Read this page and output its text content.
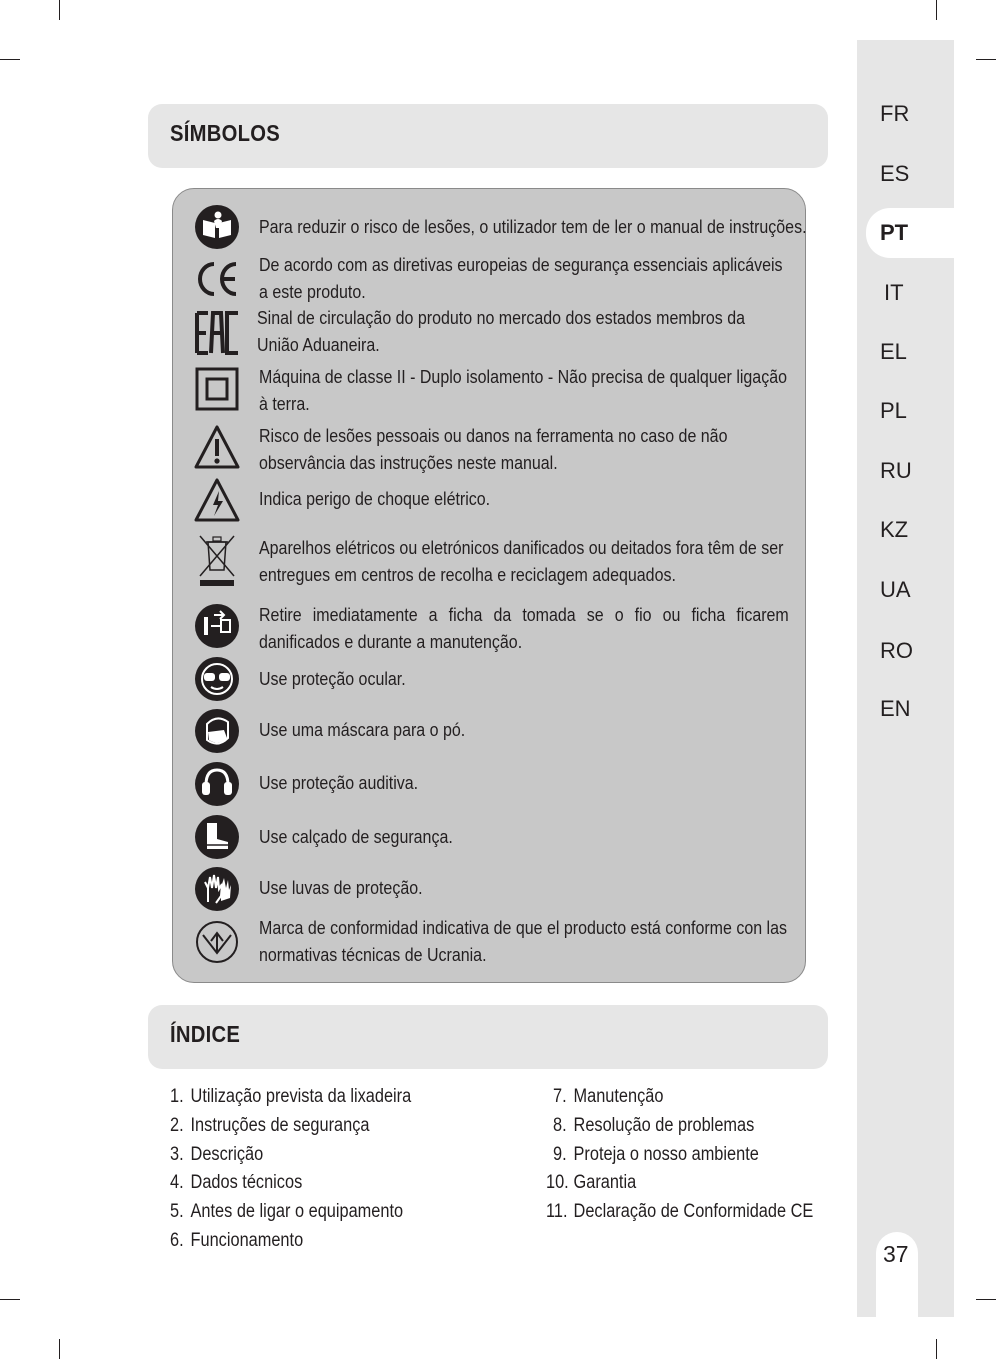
FR
ES
PT
IT
EL
PL
RU
KZ
UA
RO
EN
37
SÍMBOLOS
Para reduzir o risco de lesões, o utilizador tem de ler o manual de instruções.
De acordo com as diretivas europeias de segurança essenciais aplicáveis a este produto.
Sinal de circulação do produto no mercado dos estados membros da União Aduaneira.
Máquina de classe II - Duplo isolamento - Não precisa de qualquer ligação à terra.
Risco de lesões pessoais ou danos na ferramenta no caso de não observância das instruções neste manual.
Indica perigo de choque elétrico.
Aparelhos elétricos ou eletrónicos danificados ou deitados fora têm de ser entregues em centros de recolha e reciclagem adequados.
Retire imediatamente a ficha da tomada se o fio ou ficha ficarem danificados e durante a manutenção.
Use proteção ocular.
Use uma máscara para o pó.
Use proteção auditiva.
Use calçado de segurança.
Use luvas de proteção.
Marca de conformidad indicativa de que el producto está conforme con las normativas técnicas de Ucrania.
ÍNDICE
1. Utilização prevista da lixadeira
2. Instruções de segurança
3. Descrição
4. Dados técnicos
5. Antes de ligar o equipamento
6. Funcionamento
7. Manutenção
8. Resolução de problemas
9. Proteja o nosso ambiente
10. Garantia
11. Declaração de Conformidade CE
